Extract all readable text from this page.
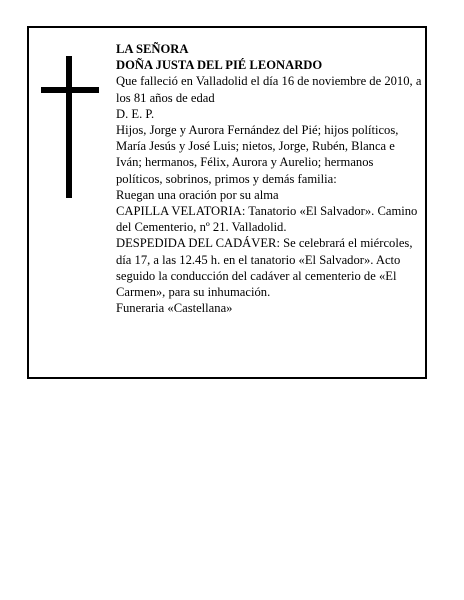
LA SEÑORA

DOÑA JUSTA DEL PIÉ LEONARDO

Que falleció en Valladolid el día 16 de noviembre de 2010, a los 81 años de edad

D. E. P.

Hijos, Jorge y Aurora Fernández del Pié; hijos políticos, María Jesús y José Luis; nietos, Jorge, Rubén, Blanca e Iván; hermanos, Félix, Aurora y Aurelio; hermanos políticos, sobrinos, primos y demás familia:

Ruegan una oración por su alma

CAPILLA VELATORIA: Tanatorio «El Salvador». Camino del Cementerio, nº 21. Valladolid.

DESPEDIDA DEL CADÁVER: Se celebrará el miércoles, día 17, a las 12.45 h. en el tanatorio «El Salvador». Acto seguido la conducción del cadáver al cementerio de «El Carmen», para su inhumación.

Funeraria «Castellana»
